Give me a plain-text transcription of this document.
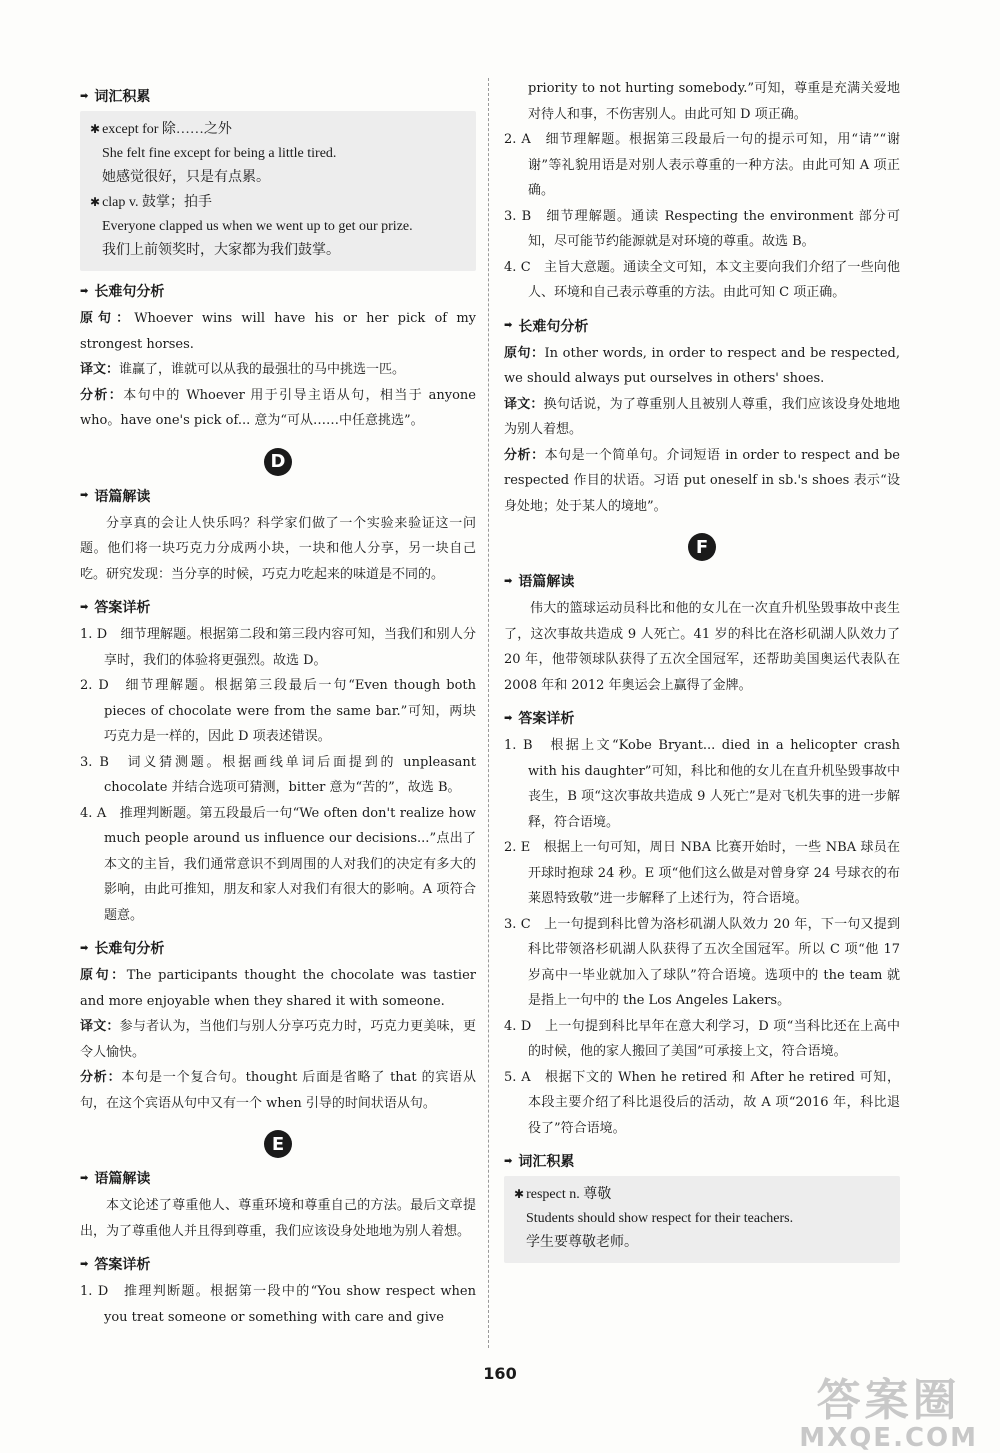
➡ 词汇积累
✱ except for 除……之外
She felt fine except for being a little tired.
她感觉很好，只是有点累。
✱ clap v. 鼓掌；拍手
Everyone clapped us when we went up to get our prize.
我们上前领奖时，大家都为我们鼓掌。
➡ 长难句分析

原句：Whoever wins will have his or her pick of my strongest horses.

译文：谁赢了，谁就可以从我的最强壮的马中挑选一匹。

分析：本句中的 Whoever 用于引导主语从句，相当于 anyone who。have one's pick of... 意为“可从……中任意挑选”。

D
➡ 语篇解读

分享真的会让人快乐吗？科学家们做了一个实验来验证这一问题。他们将一块巧克力分成两小块，一块和他人分享，另一块自己吃。研究发现：当分享的时候，巧克力吃起来的味道是不同的。

➡ 答案详析

1. D　细节理解题。根据第二段和第三段内容可知，当我们和别人分享时，我们的体验将更强烈。故选 D。

2. D　细节理解题。根据第三段最后一句“Even though both pieces of chocolate were from the same bar.”可知，两块巧克力是一样的，因此 D 项表述错误。

3. B　词义猜测题。根据画线单词后面提到的 unpleasant chocolate 并结合选项可猜测，bitter 意为“苦的”，故选 B。

4. A　推理判断题。第五段最后一句“We often don't realize how much people around us influence our decisions...”点出了本文的主旨，我们通常意识不到周围的人对我们的决定有多大的影响，由此可推知，朋友和家人对我们有很大的影响。A 项符合题意。

➡ 长难句分析

原句：The participants thought the chocolate was tastier and more enjoyable when they shared it with someone.

译文：参与者认为，当他们与别人分享巧克力时，巧克力更美味，更令人愉快。

分析：本句是一个复合句。thought 后面是省略了 that 的宾语从句，在这个宾语从句中又有一个 when 引导的时间状语从句。

E
➡ 语篇解读

本文论述了尊重他人、尊重环境和尊重自己的方法。最后文章提出，为了尊重他人并且得到尊重，我们应该设身处地地为别人着想。

➡ 答案详析

1. D　推理判断题。根据第一段中的“You show respect when you treat someone or something with care and give

priority to not hurting somebody.”可知，尊重是充满关爱地对待人和事，不伤害别人。由此可知 D 项正确。

2. A　细节理解题。根据第三段最后一句的提示可知，用“请”“谢谢”等礼貌用语是对别人表示尊重的一种方法。由此可知 A 项正确。

3. B　细节理解题。通读 Respecting the environment 部分可知，尽可能节约能源就是对环境的尊重。故选 B。

4. C　主旨大意题。通读全文可知，本文主要向我们介绍了一些向他人、环境和自己表示尊重的方法。由此可知 C 项正确。

➡ 长难句分析

原句：In other words, in order to respect and be respected, we should always put ourselves in others' shoes.

译文：换句话说，为了尊重别人且被别人尊重，我们应该设身处地地为别人着想。

分析：本句是一个简单句。介词短语 in order to respect and be respected 作目的状语。习语 put oneself in sb.'s shoes 表示“设身处地；处于某人的境地”。

F
➡ 语篇解读

伟大的篮球运动员科比和他的女儿在一次直升机坠毁事故中丧生了，这次事故共造成 9 人死亡。41 岁的科比在洛杉矶湖人队效力了 20 年，他带领球队获得了五次全国冠军，还帮助美国奥运代表队在 2008 年和 2012 年奥运会上赢得了金牌。

➡ 答案详析

1. B　根据上文“Kobe Bryant... died in a helicopter crash with his daughter”可知，科比和他的女儿在直升机坠毁事故中丧生，B 项“这次事故共造成 9 人死亡”是对飞机失事的进一步解释，符合语境。

2. E　根据上一句可知，周日 NBA 比赛开始时，一些 NBA 球员在开球时抱球 24 秒。E 项“他们这么做是对曾身穿 24 号球衣的布莱恩特致敬”进一步解释了上述行为，符合语境。

3. C　上一句提到科比曾为洛杉矶湖人队效力 20 年，下一句又提到科比带领洛杉矶湖人队获得了五次全国冠军。所以 C 项“他 17 岁高中一毕业就加入了球队”符合语境。选项中的 the team 就是指上一句中的 the Los Angeles Lakers。

4. D　上一句提到科比早年在意大利学习，D 项“当科比还在上高中的时候，他的家人搬回了美国”可承接上文，符合语境。

5. A　根据下文的 When he retired 和 After he retired 可知，本段主要介绍了科比退役后的活动，故 A 项“2016 年，科比退役了”符合语境。

➡ 词汇积累
✱ respect n. 尊敬
Students should show respect for their teachers.
学生要尊敬老师。
160
答案圈
MXQE.COM
